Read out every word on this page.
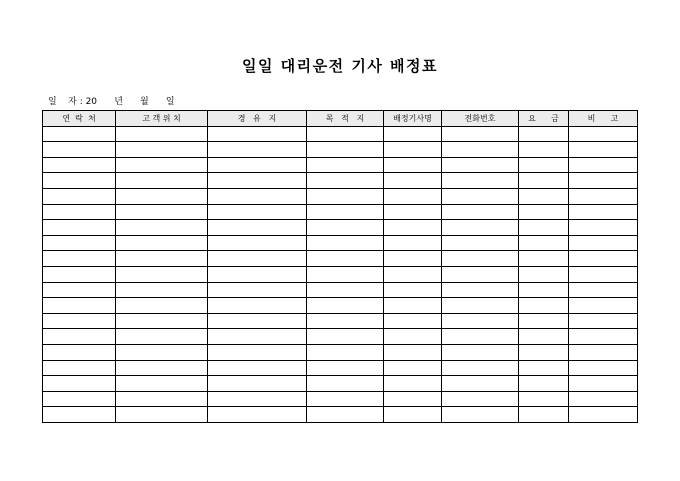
일일 대리운전 기사 배정표
일    자 : 20      년      월      일
연  락  처	고 객 위 치	경   유   지	목   적   지	배정기사명	전화번호	요      금	비      고
